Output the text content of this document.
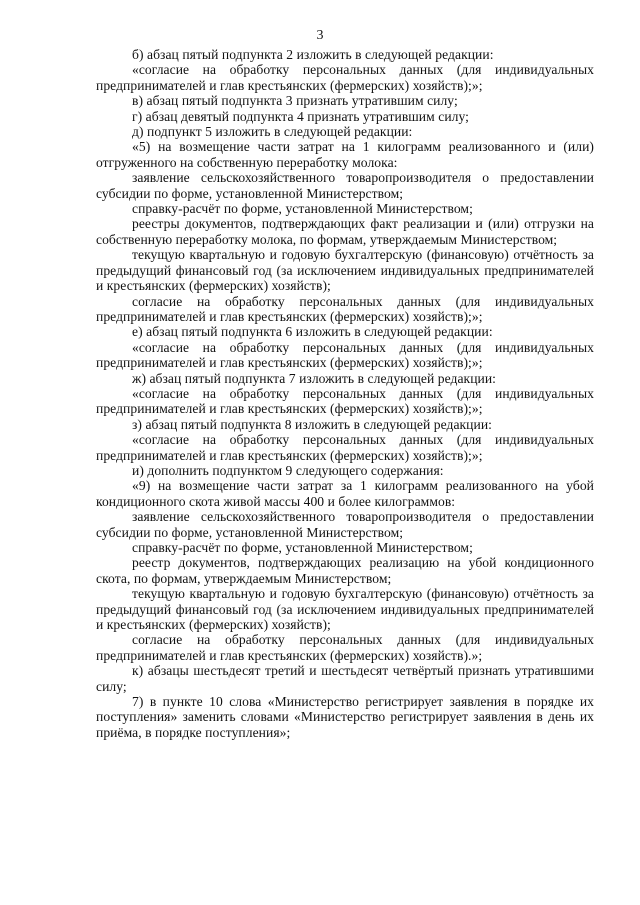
3

б) абзац пятый подпункта 2 изложить в следующей редакции:

«согласие на обработку персональных данных (для индивидуальных предпринимателей и глав крестьянских (фермерских) хозяйств);»;

в) абзац пятый подпункта 3 признать утратившим силу;

г) абзац девятый подпункта 4 признать утратившим силу;

д) подпункт 5 изложить в следующей редакции:

«5) на возмещение части затрат на 1 килограмм реализованного и (или) отгруженного на собственную переработку молока:

заявление сельскохозяйственного товаропроизводителя о предоставлении субсидии по форме, установленной Министерством;

справку-расчёт по форме, установленной Министерством;

реестры документов, подтверждающих факт реализации и (или) отгрузки на собственную переработку молока, по формам, утверждаемым Министерством;

текущую квартальную и годовую бухгалтерскую (финансовую) отчётность за предыдущий финансовый год (за исключением индивидуальных предпринимателей и крестьянских (фермерских) хозяйств);

согласие на обработку персональных данных (для индивидуальных предпринимателей и глав крестьянских (фермерских) хозяйств);»;

е) абзац пятый подпункта 6 изложить в следующей редакции:

«согласие на обработку персональных данных (для индивидуальных предпринимателей и глав крестьянских (фермерских) хозяйств);»;

ж) абзац пятый подпункта 7 изложить в следующей редакции:

«согласие на обработку персональных данных (для индивидуальных предпринимателей и глав крестьянских (фермерских) хозяйств);»;

з) абзац пятый подпункта 8 изложить в следующей редакции:

«согласие на обработку персональных данных (для индивидуальных предпринимателей и глав крестьянских (фермерских) хозяйств);»;

и) дополнить подпунктом 9 следующего содержания:

«9) на возмещение части затрат за 1 килограмм реализованного на убой кондиционного скота живой массы 400 и более килограммов:

заявление сельскохозяйственного товаропроизводителя о предоставлении субсидии по форме, установленной Министерством;

справку-расчёт по форме, установленной Министерством;

реестр документов, подтверждающих реализацию на убой кондиционного скота, по формам, утверждаемым Министерством;

текущую квартальную и годовую бухгалтерскую (финансовую) отчётность за предыдущий финансовый год (за исключением индивидуальных предпринимателей и крестьянских (фермерских) хозяйств);

согласие на обработку персональных данных (для индивидуальных предпринимателей и глав крестьянских (фермерских) хозяйств).»;

к) абзацы шестьдесят третий и шестьдесят четвёртый признать утратившими силу;

7) в пункте 10 слова «Министерство регистрирует заявления в порядке их поступления» заменить словами «Министерство регистрирует заявления в день их приёма, в порядке поступления»;
